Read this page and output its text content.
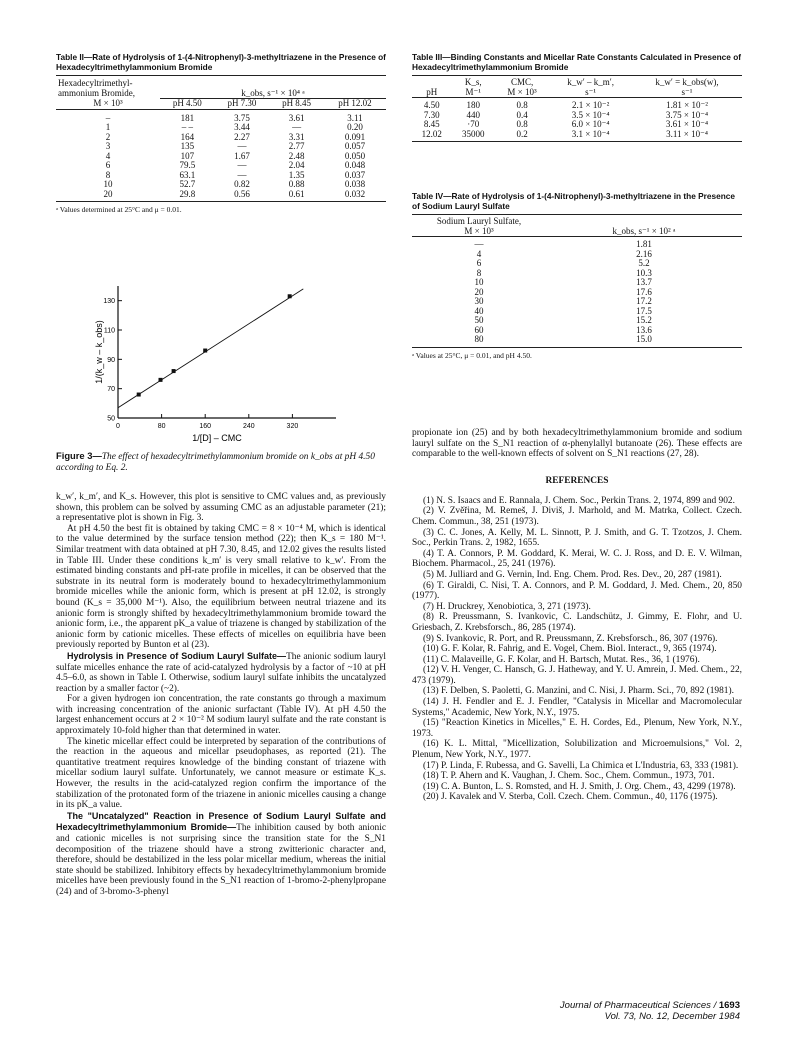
Table II—Rate of Hydrolysis of 1-(4-Nitrophenyl)-3-methyltriazene in the Presence of Hexadecyltrimethylammonium Bromide
Hexadecyltrimethyl-				
ammonium Bromide,	k_obs, s⁻¹ × 10⁴ ᵃ			
M × 10³	pH 4.50	pH 7.30	pH 8.45	pH 12.02

–	181	3.75	3.61	3.11
1	– –	3.44	—	0.20
2	164	2.27	3.31	0.091
3	135	—	2.77	0.057
4	107	1.67	2.48	0.050
6	79.5	—	2.04	0.048
8	63.1	—	1.35	0.037
10	52.7	0.82	0.88	0.038
20	29.8	0.56	0.61	0.032
ᵃ Values determined at 25°C and μ = 0.01.
0	80	160	240	320
50
70
90
110
130
1/[D] – CMC
1/(k_w – k_obs)
Figure 3—The effect of hexadecyltrimethylammonium bromide on k_obs at pH 4.50 according to Eq. 2.

k_w′, k_m′, and K_s. However, this plot is sensitive to CMC values and, as previously shown, this problem can be solved by assuming CMC as an adjustable parameter (21); a representative plot is shown in Fig. 3.

At pH 4.50 the best fit is obtained by taking CMC = 8 × 10⁻⁴ M, which is identical to the value determined by the surface tension method (22); then K_s = 180 M⁻¹. Similar treatment with data obtained at pH 7.30, 8.45, and 12.02 gives the results listed in Table III. Under these conditions k_m′ is very small relative to k_w′. From the estimated binding constants and pH-rate profile in micelles, it can be observed that the substrate in its neutral form is moderately bound to hexadecyltrimethylammonium bromide micelles while the anionic form, which is present at pH 12.02, is strongly bound (K_s = 35,000 M⁻¹). Also, the equilibrium between neutral triazene and its anionic form is strongly shifted by hexadecyltrimethylammonium bromide toward the anionic form, i.e., the apparent pK_a value of triazene is changed by stabilization of the anionic form by cationic micelles. These effects of micelles on equilibria have been previously reported by Bunton et al (23).

Hydrolysis in Presence of Sodium Lauryl Sulfate—The anionic sodium lauryl sulfate micelles enhance the rate of acid-catalyzed hydrolysis by a factor of ~10 at pH 4.5–6.0, as shown in Table I. Otherwise, sodium lauryl sulfate inhibits the uncatalyzed reaction by a smaller factor (~2).

For a given hydrogen ion concentration, the rate constants go through a maximum with increasing concentration of the anionic surfactant (Table IV). At pH 4.50 the largest enhancement occurs at 2 × 10⁻² M sodium lauryl sulfate and the rate constant is approximately 10-fold higher than that determined in water.

The kinetic micellar effect could be interpreted by separation of the contributions of the reaction in the aqueous and micellar pseudophases, as reported (21). The quantitative treatment requires knowledge of the binding constant of triazene with micellar sodium lauryl sulfate. Unfortunately, we cannot measure or estimate K_s. However, the results in the acid-catalyzed region confirm the importance of the stabilization of the protonated form of the triazene in anionic micelles causing a change in its pK_a value.

The "Uncatalyzed" Reaction in Presence of Sodium Lauryl Sulfate and Hexadecyltrimethylammonium Bromide—The inhibition caused by both anionic and cationic micelles is not surprising since the transition state for the S_N1 decomposition of the triazene should have a strong zwitterionic character and, therefore, should be destabilized in the less polar micellar medium, whereas the initial state should be stabilized. Inhibitory effects by hexadecyltrimethylammonium bromide micelles have been previously found in the S_N1 reaction of 1-bromo-2-phenylpropane (24) and of 3-bromo-3-phenyl

Table III—Binding Constants and Micellar Rate Constants Calculated in Presence of Hexadecyltrimethylammonium Bromide
	K_s,	CMC,	k_w′ – k_m′,	k_w′ = k_obs(w),
pH	M⁻¹	M × 10³	s⁻¹	s⁻¹

4.50	180	0.8	2.1 × 10⁻²	1.81 × 10⁻²
7.30	440	0.4	3.5 × 10⁻⁴	3.75 × 10⁻⁴
8.45	·70	0.8	6.0 × 10⁻⁴	3.61 × 10⁻⁴
12.02	35000	0.2	3.1 × 10⁻⁴	3.11 × 10⁻⁴
Table IV—Rate of Hydrolysis of 1-(4-Nitrophenyl)-3-methyltriazene in the Presence of Sodium Lauryl Sulfate
Sodium Lauryl Sulfate,	
M × 10³	k_obs, s⁻¹ × 10² ᵃ

—	1.81
4	2.16
6	5.2
8	10.3
10	13.7
20	17.6
30	17.2
40	17.5
50	15.2
60	13.6
80	15.0
ᵃ Values at 25°C, μ = 0.01, and pH 4.50.

propionate ion (25) and by both hexadecyltrimethylammonium bromide and sodium lauryl sulfate on the S_N1 reaction of α-phenylallyl butanoate (26). These effects are comparable to the well-known effects of solvent on S_N1 reactions (27, 28).

REFERENCES

(1) N. S. Isaacs and E. Rannala, J. Chem. Soc., Perkin Trans. 2, 1974, 899 and 902.

(2) V. Zvěřina, M. Remeš, J. Diviš, J. Marhold, and M. Matrka, Collect. Czech. Chem. Commun., 38, 251 (1973).

(3) C. C. Jones, A. Kelly, M. L. Sinnott, P. J. Smith, and G. T. Tzotzos, J. Chem. Soc., Perkin Trans. 2, 1982, 1655.

(4) T. A. Connors, P. M. Goddard, K. Merai, W. C. J. Ross, and D. E. V. Wilman, Biochem. Pharmacol., 25, 241 (1976).

(5) M. Julliard and G. Vernin, Ind. Eng. Chem. Prod. Res. Dev., 20, 287 (1981).

(6) T. Giraldi, C. Nisi, T. A. Connors, and P. M. Goddard, J. Med. Chem., 20, 850 (1977).

(7) H. Druckrey, Xenobiotica, 3, 271 (1973).

(8) R. Preussmann, S. Ivankovic, C. Landschütz, J. Gimmy, E. Flohr, and U. Griesbach, Z. Krebsforsch., 86, 285 (1974).

(9) S. Ivankovic, R. Port, and R. Preussmann, Z. Krebsforsch., 86, 307 (1976).

(10) G. F. Kolar, R. Fahrig, and E. Vogel, Chem. Biol. Interact., 9, 365 (1974).

(11) C. Malaveille, G. F. Kolar, and H. Bartsch, Mutat. Res., 36, 1 (1976).

(12) V. H. Venger, C. Hansch, G. J. Hatheway, and Y. U. Amrein, J. Med. Chem., 22, 473 (1979).

(13) F. Delben, S. Paoletti, G. Manzini, and C. Nisi, J. Pharm. Sci., 70, 892 (1981).

(14) J. H. Fendler and E. J. Fendler, "Catalysis in Micellar and Macromolecular Systems," Academic, New York, N.Y., 1975.

(15) "Reaction Kinetics in Micelles," E. H. Cordes, Ed., Plenum, New York, N.Y., 1973.

(16) K. L. Mittal, "Micellization, Solubilization and Microemulsions," Vol. 2, Plenum, New York, N.Y., 1977.

(17) P. Linda, F. Rubessa, and G. Savelli, La Chimica et L'Industria, 63, 333 (1981).

(18) T. P. Ahern and K. Vaughan, J. Chem. Soc., Chem. Commun., 1973, 701.

(19) C. A. Bunton, L. S. Romsted, and H. J. Smith, J. Org. Chem., 43, 4299 (1978).

(20) J. Kavalek and V. Sterba, Coll. Czech. Chem. Commun., 40, 1176 (1975).

Journal of Pharmaceutical Sciences / 1693
Vol. 73, No. 12, December 1984
